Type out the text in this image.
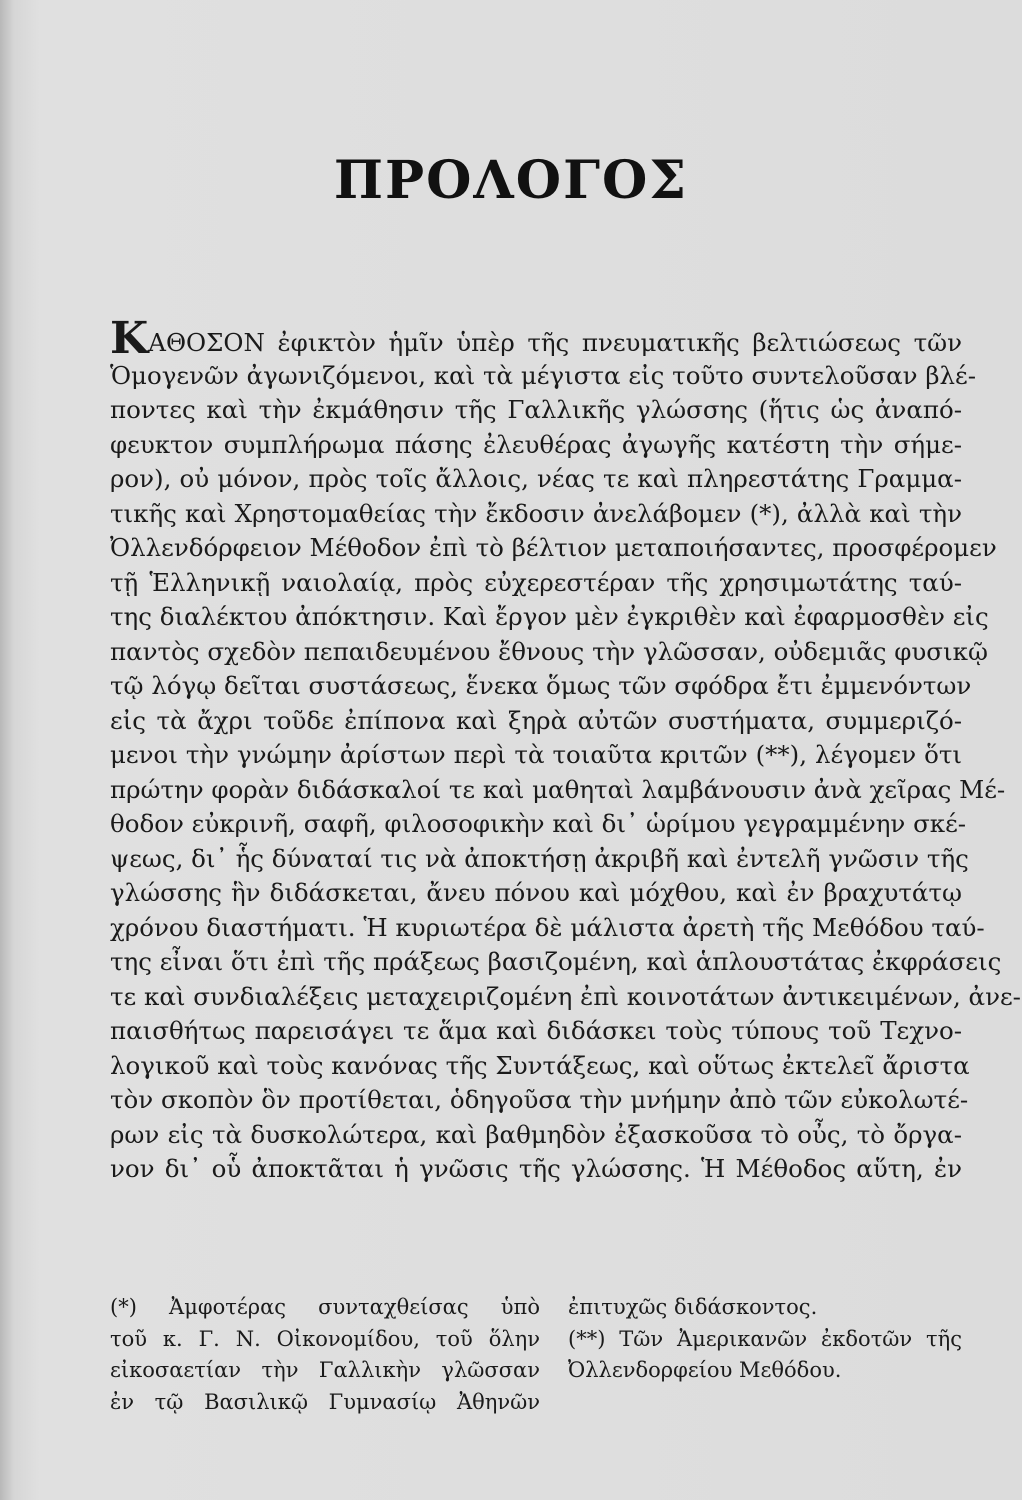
ΠΡΟΛΟΓΟΣ
ΚΑΘΟΣΟΝ ἐφικτὸν ἡμῖν ὑπὲρ τῆς πνευματικῆς βελτιώσεως τῶν
Ὁμογενῶν ἀγωνιζόμενοι, καὶ τὰ μέγιστα εἰς τοῦτο συντελοῦσαν βλέ-
ποντες καὶ τὴν ἐκμάθησιν τῆς Γαλλικῆς γλώσσης (ἥτις ὡς ἀναπό-
φευκτον συμπλήρωμα πάσης ἐλευθέρας ἀγωγῆς κατέστη τὴν σήμε-
ρον), οὐ μόνον, πρὸς τοῖς ἄλλοις, νέας τε καὶ πληρεστάτης Γραμμα-
τικῆς καὶ Χρηστομαθείας τὴν ἔκδοσιν ἀνελάβομεν (*), ἀλλὰ καὶ τὴν
Ὀλλενδόρφειον Μέθοδον ἐπὶ τὸ βέλτιον μεταποιήσαντες, προσφέρομεν
τῇ Ἑλληνικῇ ναιολαίᾳ, πρὸς εὐχερεστέραν τῆς χρησιμωτάτης ταύ-
της διαλέκτου ἀπόκτησιν. Καὶ ἔργον μὲν ἐγκριθὲν καὶ ἐφαρμοσθὲν εἰς
παντὸς σχεδὸν πεπαιδευμένου ἔθνους τὴν γλῶσσαν, οὐδεμιᾶς φυσικῷ
τῷ λόγῳ δεῖται συστάσεως, ἕνεκα ὅμως τῶν σφόδρα ἔτι ἐμμενόντων
εἰς τὰ ἄχρι τοῦδε ἐπίπονα καὶ ξηρὰ αὐτῶν συστήματα, συμμεριζό-
μενοι τὴν γνώμην ἀρίστων περὶ τὰ τοιαῦτα κριτῶν (**), λέγομεν ὅτι
πρώτην φορὰν διδάσκαλοί τε καὶ μαθηταὶ λαμβάνουσιν ἀνὰ χεῖρας Μέ-
θοδον εὐκρινῆ, σαφῆ, φιλοσοφικὴν καὶ δι᾽ ὡρίμου γεγραμμένην σκέ-
ψεως, δι᾽ ἧς δύναταί τις νὰ ἀποκτήσῃ ἀκριβῆ καὶ ἐντελῆ γνῶσιν τῆς
γλώσσης ἣν διδάσκεται, ἄνευ πόνου καὶ μόχθου, καὶ ἐν βραχυτάτῳ
χρόνου διαστήματι. Ἡ κυριωτέρα δὲ μάλιστα ἀρετὴ τῆς Μεθόδου ταύ-
της εἶναι ὅτι ἐπὶ τῆς πράξεως βασιζομένη, καὶ ἁπλουστάτας ἐκφράσεις
τε καὶ συνδιαλέξεις μεταχειριζομένη ἐπὶ κοινοτάτων ἀντικειμένων, ἀνε-
παισθήτως παρεισάγει τε ἅμα καὶ διδάσκει τοὺς τύπους τοῦ Τεχνο-
λογικοῦ καὶ τοὺς κανόνας τῆς Συντάξεως, καὶ οὕτως ἐκτελεῖ ἄριστα
τὸν σκοπὸν ὃν προτίθεται, ὁδηγοῦσα τὴν μνήμην ἀπὸ τῶν εὐκολωτέ-
ρων εἰς τὰ δυσκολώτερα, καὶ βαθμηδὸν ἐξασκοῦσα τὸ οὖς, τὸ ὄργα-
νον δι᾽ οὗ ἀποκτᾶται ἡ γνῶσις τῆς γλώσσης. Ἡ Μέθοδος αὕτη, ἐν
(*) Ἀμφοτέρας συνταχθείσας ὑπὸ
τοῦ κ. Γ. Ν. Οἰκονομίδου, τοῦ ὅλην
εἰκοσαετίαν τὴν Γαλλικὴν γλῶσσαν
ἐν τῷ Βασιλικῷ Γυμνασίῳ Ἀθηνῶν
ἐπιτυχῶς διδάσκοντος.
(**) Τῶν Ἀμερικανῶν ἐκδοτῶν τῆς
Ὀλλενδορφείου Μεθόδου.
